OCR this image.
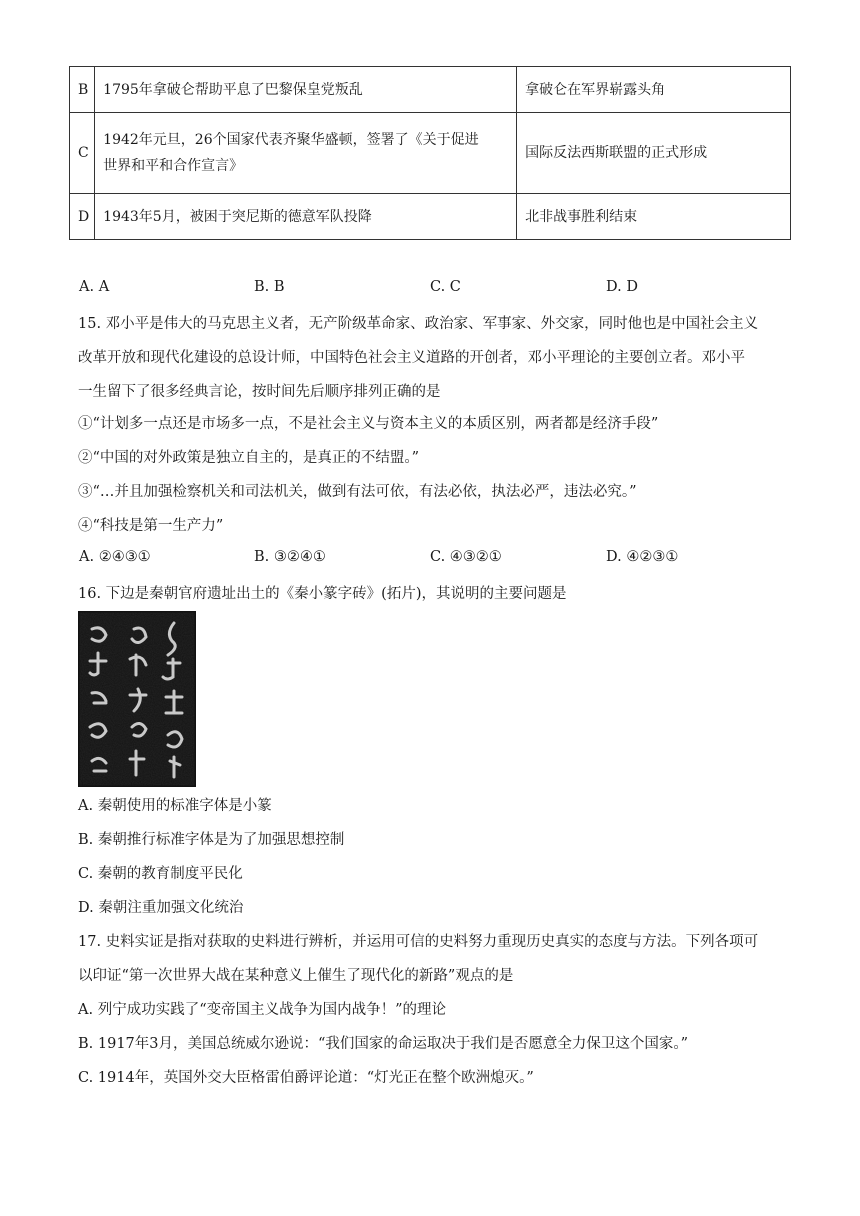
B	1795年拿破仑帮助平息了巴黎保皇党叛乱	拿破仑在军界崭露头角
C	1942年元旦，26个国家代表齐聚华盛顿，签署了《关于促进
世界和平和合作宣言》	国际反法西斯联盟的正式形成
D	1943年5月，被困于突尼斯的德意军队投降	北非战事胜利结束
A. A	B. B	C. C	D. D
15. 邓小平是伟大的马克思主义者，无产阶级革命家、政治家、军事家、外交家，同时他也是中国社会主义
改革开放和现代化建设的总设计师，中国特色社会主义道路的开创者，邓小平理论的主要创立者。邓小平
一生留下了很多经典言论，按时间先后顺序排列正确的是
①“计划多一点还是市场多一点，不是社会主义与资本主义的本质区别，两者都是经济手段”
②“中国的对外政策是独立自主的，是真正的不结盟。”
③“…并且加强检察机关和司法机关，做到有法可依，有法必依，执法必严，违法必究。”
④“科技是第一生产力”
A. ②④③①	B. ③②④①	C. ④③②①	D. ④②③①
16. 下边是秦朝官府遗址出土的《秦小篆字砖》(拓片)，其说明的主要问题是
A. 秦朝使用的标准字体是小篆
B. 秦朝推行标准字体是为了加强思想控制
C. 秦朝的教育制度平民化
D. 秦朝注重加强文化统治
17. 史料实证是指对获取的史料进行辨析，并运用可信的史料努力重现历史真实的态度与方法。下列各项可
以印证“第一次世界大战在某种意义上催生了现代化的新路”观点的是
A. 列宁成功实践了“变帝国主义战争为国内战争！”的理论
B. 1917年3月，美国总统威尔逊说：“我们国家的命运取决于我们是否愿意全力保卫这个国家。”
C. 1914年，英国外交大臣格雷伯爵评论道：“灯光正在整个欧洲熄灭。”
